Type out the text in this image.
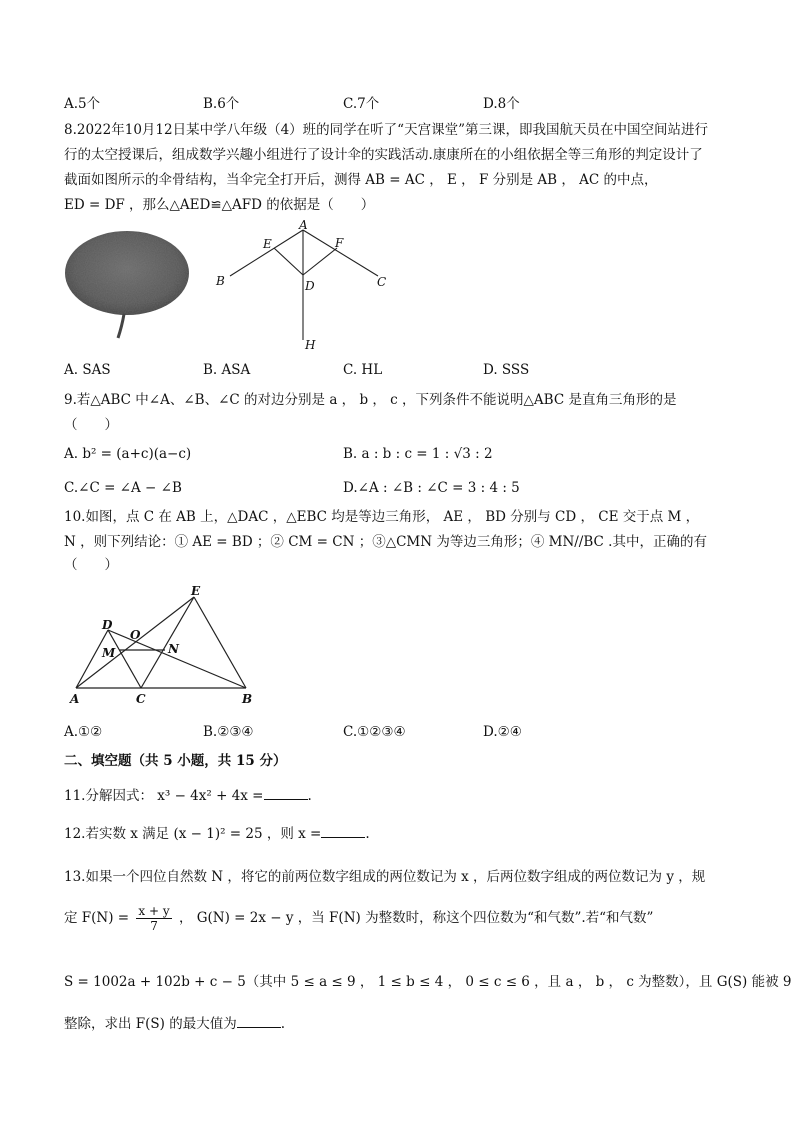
A.5个	B.6个	C.7个	D.8个
8.2022年10月12日某中学八年级（4）班的同学在听了“天宫课堂”第三课，即我国航天员在中国空间站进行
行的太空授课后，组成数学兴趣小组进行了设计伞的实践活动.康康所在的小组依据全等三角形的判定设计了
截面如图所示的伞骨结构，当伞完全打开后，测得 AB = AC ， E ， F 分别是 AB ， AC 的中点，
ED = DF ，那么△AED≌△AFD 的依据是（　　）
A
E	F
B	C
D
H
A. SAS	B. ASA	C. HL	D. SSS
9.若△ABC 中∠A、∠B、∠C 的对边分别是 a ， b ， c ，下列条件不能说明△ABC 是直角三角形的是
（　　）
A. b² = (a+c)(a−c)	B. a : b : c = 1 : √3 : 2
C.∠C = ∠A − ∠B	D.∠A : ∠B : ∠C = 3 : 4 : 5
10.如图，点 C 在 AB 上，△DAC ，△EBC 均是等边三角形， AE ， BD 分别与 CD ， CE 交于点 M ，
N ，则下列结论：① AE = BD ；② CM = CN ；③△CMN 为等边三角形；④ MN//BC .其中，正确的有
（　　）
E
D
O
M	N
A	C	B
A.①②	B.②③④	C.①②③④	D.②④
二、填空题（共 5 小题，共 15 分）
11.分解因式： x³ − 4x² + 4x =	.
12.若实数 x 满足 (x − 1)² = 25 ，则 x =	.
13.如果一个四位自然数 N ，将它的前两位数字组成的两位数记为 x ，后两位数字组成的两位数记为 y ，规
定 $F(N) = \frac{x + y}{7}$ ， G(N) = 2x − y ，当 F(N) 为整数时，称这个四位数为“和气数”.若“和气数”
S = 1002a + 102b + c − 5（其中 5 ≤ a ≤ 9 ， 1 ≤ b ≤ 4 ， 0 ≤ c ≤ 6 ，且 a ， b ， c 为整数），且 G(S) 能被 9
整除，求出 F(S) 的最大值为	.
